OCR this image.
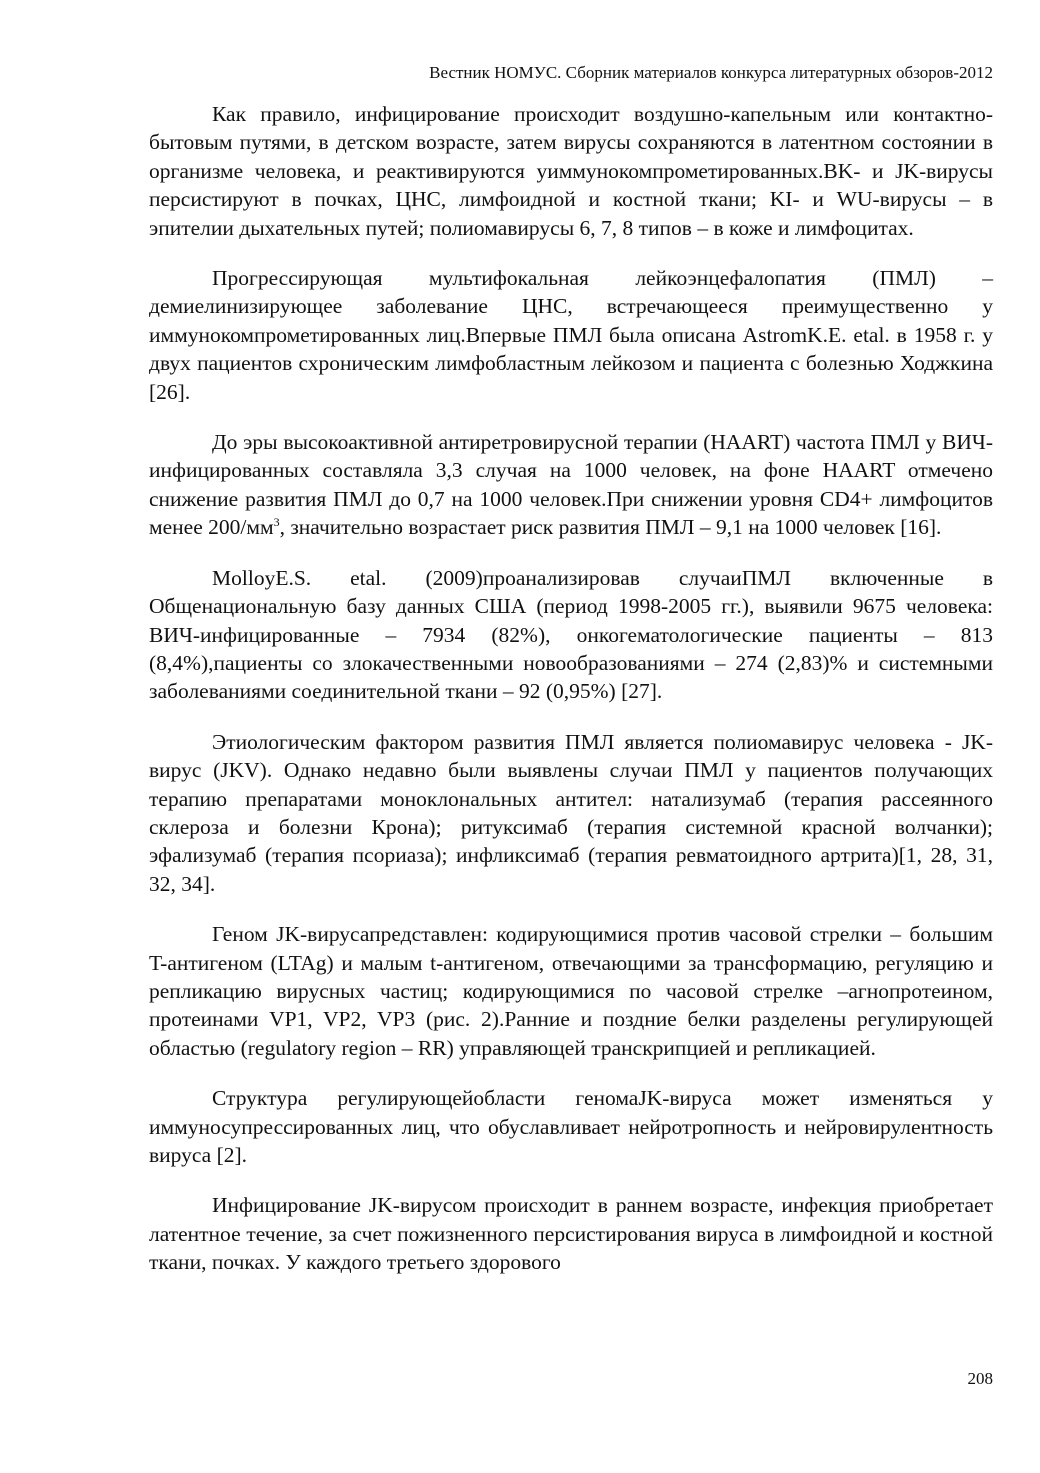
Вестник НОМУС. Сборник материалов конкурса литературных обзоров-2012

Как правило, инфицирование происходит воздушно-капельным или контактно-бытовым путями, в детском возрасте, затем вирусы сохраняются в латентном состоянии в организме человека, и реактивируются уиммунокомпрометированных.BK- и JK-вирусы персистируют в почках, ЦНС, лимфоидной и костной ткани; KI- и WU-вирусы – в эпителии дыхательных путей; полиомавирусы 6, 7, 8 типов – в коже и лимфоцитах.

Прогрессирующая мультифокальная лейкоэнцефалопатия (ПМЛ) – демиелинизирующее заболевание ЦНС, встречающееся преимущественно у иммунокомпрометированных лиц.Впервые ПМЛ была описана AstromK.E. etal. в 1958 г. у двух пациентов схроническим лимфобластным лейкозом и пациента с болезнью Ходжкина [26].

До эры высокоактивной антиретровирусной терапии (HAART) частота ПМЛ у ВИЧ-инфицированных составляла 3,3 случая на 1000 человек, на фоне HAART отмечено снижение развития ПМЛ до 0,7 на 1000 человек.При снижении уровня CD4+ лимфоцитов менее $200/мм^3$, значительно возрастает риск развития ПМЛ – 9,1 на 1000 человек [16].

MolloyE.S. etal. (2009)проанализировав случаиПМЛ включенные в Общенациональную базу данных США (период 1998-2005 гг.), выявили 9675 человека: ВИЧ-инфицированные – 7934 (82%), онкогематологические пациенты – 813 (8,4%),пациенты со злокачественными новообразованиями – 274 (2,83)% и системными заболеваниями соединительной ткани – 92 (0,95%) [27].

Этиологическим фактором развития ПМЛ является полиомавирус человека - JK-вирус (JKV). Однако недавно были выявлены случаи ПМЛ у пациентов получающих терапию препаратами моноклональных антител: натализумаб (терапия рассеянного склероза и болезни Крона); ритуксимаб (терапия системной красной волчанки); эфализумаб (терапия псориаза); инфликсимаб (терапия ревматоидного артрита)[1, 28, 31, 32, 34].

Геном JK-вирусапредставлен: кодирующимися против часовой стрелки – большим T-антигеном (LTAg) и малым t-антигеном, отвечающими за трансформацию, регуляцию и репликацию вирусных частиц; кодирующимися по часовой стрелке –агнопротеином, протеинами VP1, VP2, VP3 (рис. 2).Ранние и поздние белки разделены регулирующей областью (regulatory region – RR) управляющей транскрипцией и репликацией.

Структура регулирующейобласти геномаJK-вируса может изменяться у иммуносупрессированных лиц, что обуславливает нейротропность и нейровирулентность вируса [2].

Инфицирование JK-вирусом происходит в раннем возрасте, инфекция приобретает латентное течение, за счет пожизненного персистирования вируса в лимфоидной и костной ткани, почках. У каждого третьего здорового

208
